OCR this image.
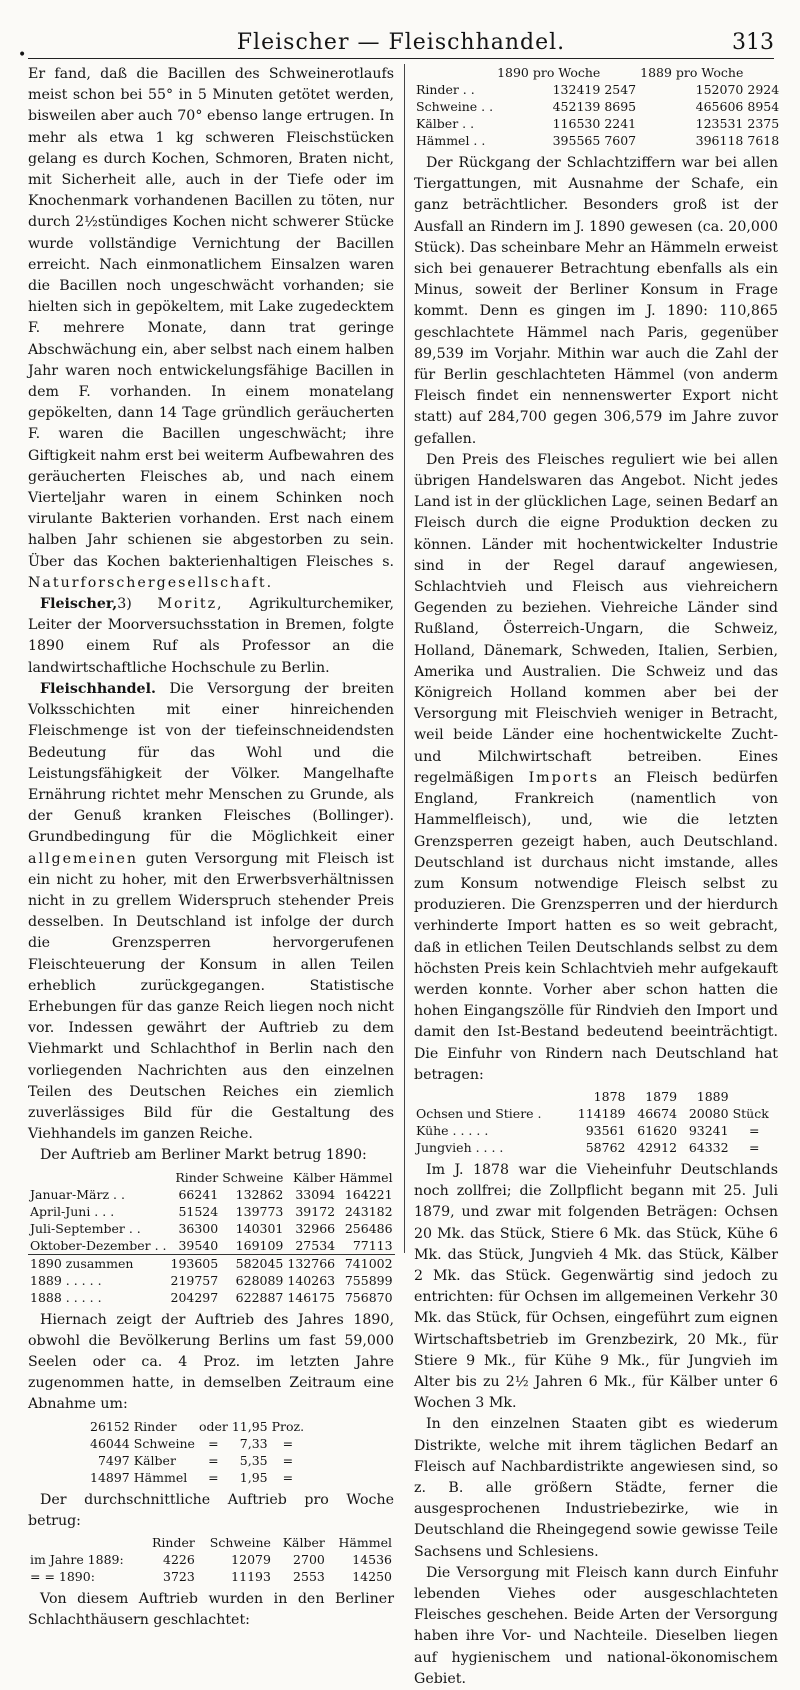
•	Fleischer — Fleischhandel.	313

Er fand, daß die Bacillen des Schweinerotlaufs meist schon bei 55° in 5 Minuten getötet werden, bisweilen aber auch 70° ebenso lange ertrugen. In mehr als etwa 1 kg schweren Fleischstücken gelang es durch Kochen, Schmoren, Braten nicht, mit Sicherheit alle, auch in der Tiefe oder im Knochenmark vorhandenen Bacillen zu töten, nur durch 2½stündiges Kochen nicht schwerer Stücke wurde vollständige Vernichtung der Bacillen erreicht. Nach einmonatlichem Einsalzen waren die Bacillen noch ungeschwächt vorhanden; sie hielten sich in gepökeltem, mit Lake zugedecktem F. mehrere Monate, dann trat geringe Abschwächung ein, aber selbst nach einem halben Jahr waren noch entwickelungsfähige Bacillen in dem F. vorhanden. In einem monatelang gepökelten, dann 14 Tage gründlich geräucherten F. waren die Bacillen ungeschwächt; ihre Giftigkeit nahm erst bei weiterm Aufbewahren des geräucherten Fleisches ab, und nach einem Vierteljahr waren in einem Schinken noch virulante Bakterien vorhanden. Erst nach einem halben Jahr schienen sie abgestorben zu sein. Über das Kochen bakterienhaltigen Fleisches s. Naturforschergesellschaft.

Fleischer,3) Moritz, Agrikulturchemiker, Leiter der Moorversuchsstation in Bremen, folgte 1890 einem Ruf als Professor an die landwirtschaftliche Hochschule zu Berlin.

Fleischhandel. Die Versorgung der breiten Volksschichten mit einer hinreichenden Fleischmenge ist von der tiefeinschneidendsten Bedeutung für das Wohl und die Leistungsfähigkeit der Völker. Mangelhafte Ernährung richtet mehr Menschen zu Grunde, als der Genuß kranken Fleisches (Bollinger). Grundbedingung für die Möglichkeit einer allgemeinen guten Versorgung mit Fleisch ist ein nicht zu hoher, mit den Erwerbsverhältnissen nicht in zu grellem Widerspruch stehender Preis desselben. In Deutschland ist infolge der durch die Grenzsperren hervorgerufenen Fleischteuerung der Konsum in allen Teilen erheblich zurückgegangen. Statistische Erhebungen für das ganze Reich liegen noch nicht vor. Indessen gewährt der Auftrieb zu dem Viehmarkt und Schlachthof in Berlin nach den vorliegenden Nachrichten aus den einzelnen Teilen des Deutschen Reiches ein ziemlich zuverlässiges Bild für die Gestaltung des Viehhandels im ganzen Reiche.

Der Auftrieb am Berliner Markt betrug 1890:

	Rinder	Schweine	Kälber	Hämmel
Januar-März . .	66241	132862	33094	164221
April-Juni . . .	51524	139773	39172	243182
Juli-September . .	36300	140301	32966	256486
Oktober-Dezember . .	39540	169109	27534	77113
1890 zusammen	193605	582045	132766	741002
1889 . . . . .	219757	628089	140263	755899
1888 . . . . .	204297	622887	146175	756870

Hiernach zeigt der Auftrieb des Jahres 1890, obwohl die Bevölkerung Berlins um fast 59,000 Seelen oder ca. 4 Proz. im letzten Jahre zugenommen hatte, in demselben Zeitraum eine Abnahme um:

26152	Rinder	oder	11,95	Proz.
46044	Schweine	=	7,33	=
7497	Kälber	=	5,35	=
14897	Hämmel	=	1,95	=

Der durchschnittliche Auftrieb pro Woche betrug:

	Rinder	Schweine	Kälber	Hämmel
im Jahre 1889:	4226	12079	2700	14536
= = 1890:	3723	11193	2553	14250

Von diesem Auftrieb wurden in den Berliner Schlachthäusern geschlachtet:

	1890 pro Woche		1889 pro Woche	
Rinder . .	132419	2547	152070	2924
Schweine . .	452139	8695	465606	8954
Kälber . .	116530	2241	123531	2375
Hämmel . .	395565	7607	396118	7618

Der Rückgang der Schlachtziffern war bei allen Tiergattungen, mit Ausnahme der Schafe, ein ganz beträchtlicher. Besonders groß ist der Ausfall an Rindern im J. 1890 gewesen (ca. 20,000 Stück). Das scheinbare Mehr an Hämmeln erweist sich bei genauerer Betrachtung ebenfalls als ein Minus, soweit der Berliner Konsum in Frage kommt. Denn es gingen im J. 1890: 110,865 geschlachtete Hämmel nach Paris, gegenüber 89,539 im Vorjahr. Mithin war auch die Zahl der für Berlin geschlachteten Hämmel (von anderm Fleisch findet ein nennenswerter Export nicht statt) auf 284,700 gegen 306,579 im Jahre zuvor gefallen.

Den Preis des Fleisches reguliert wie bei allen übrigen Handelswaren das Angebot. Nicht jedes Land ist in der glücklichen Lage, seinen Bedarf an Fleisch durch die eigne Produktion decken zu können. Länder mit hochentwickelter Industrie sind in der Regel darauf angewiesen, Schlachtvieh und Fleisch aus viehreichern Gegenden zu beziehen. Viehreiche Länder sind Rußland, Österreich-Ungarn, die Schweiz, Holland, Dänemark, Schweden, Italien, Serbien, Amerika und Australien. Die Schweiz und das Königreich Holland kommen aber bei der Versorgung mit Fleischvieh weniger in Betracht, weil beide Länder eine hochentwickelte Zucht- und Milchwirtschaft betreiben. Eines regelmäßigen Imports an Fleisch bedürfen England, Frankreich (namentlich von Hammelfleisch), und, wie die letzten Grenzsperren gezeigt haben, auch Deutschland. Deutschland ist durchaus nicht imstande, alles zum Konsum notwendige Fleisch selbst zu produzieren. Die Grenzsperren und der hierdurch verhinderte Import hatten es so weit gebracht, daß in etlichen Teilen Deutschlands selbst zu dem höchsten Preis kein Schlachtvieh mehr aufgekauft werden konnte. Vorher aber schon hatten die hohen Eingangszölle für Rindvieh den Import und damit den Ist-Bestand bedeutend beeinträchtigt. Die Einfuhr von Rindern nach Deutschland hat betragen:

	1878	1879	1889	
Ochsen und Stiere .	114189	46674	20080	Stück
Kühe . . . . .	93561	61620	93241	=
Jungvieh . . . .	58762	42912	64332	=

Im J. 1878 war die Vieheinfuhr Deutschlands noch zollfrei; die Zollpflicht begann mit 25. Juli 1879, und zwar mit folgenden Beträgen: Ochsen 20 Mk. das Stück, Stiere 6 Mk. das Stück, Kühe 6 Mk. das Stück, Jungvieh 4 Mk. das Stück, Kälber 2 Mk. das Stück. Gegenwärtig sind jedoch zu entrichten: für Ochsen im allgemeinen Verkehr 30 Mk. das Stück, für Ochsen, eingeführt zum eignen Wirtschaftsbetrieb im Grenzbezirk, 20 Mk., für Stiere 9 Mk., für Kühe 9 Mk., für Jungvieh im Alter bis zu 2½ Jahren 6 Mk., für Kälber unter 6 Wochen 3 Mk.

In den einzelnen Staaten gibt es wiederum Distrikte, welche mit ihrem täglichen Bedarf an Fleisch auf Nachbardistrikte angewiesen sind, so z. B. alle größern Städte, ferner die ausgesprochenen Industriebezirke, wie in Deutschland die Rheingegend sowie gewisse Teile Sachsens und Schlesiens.

Die Versorgung mit Fleisch kann durch Einfuhr lebenden Viehes oder ausgeschlachteten Fleisches geschehen. Beide Arten der Versorgung haben ihre Vor- und Nachteile. Dieselben liegen auf hygienischem und national-ökonomischem Gebiet.
